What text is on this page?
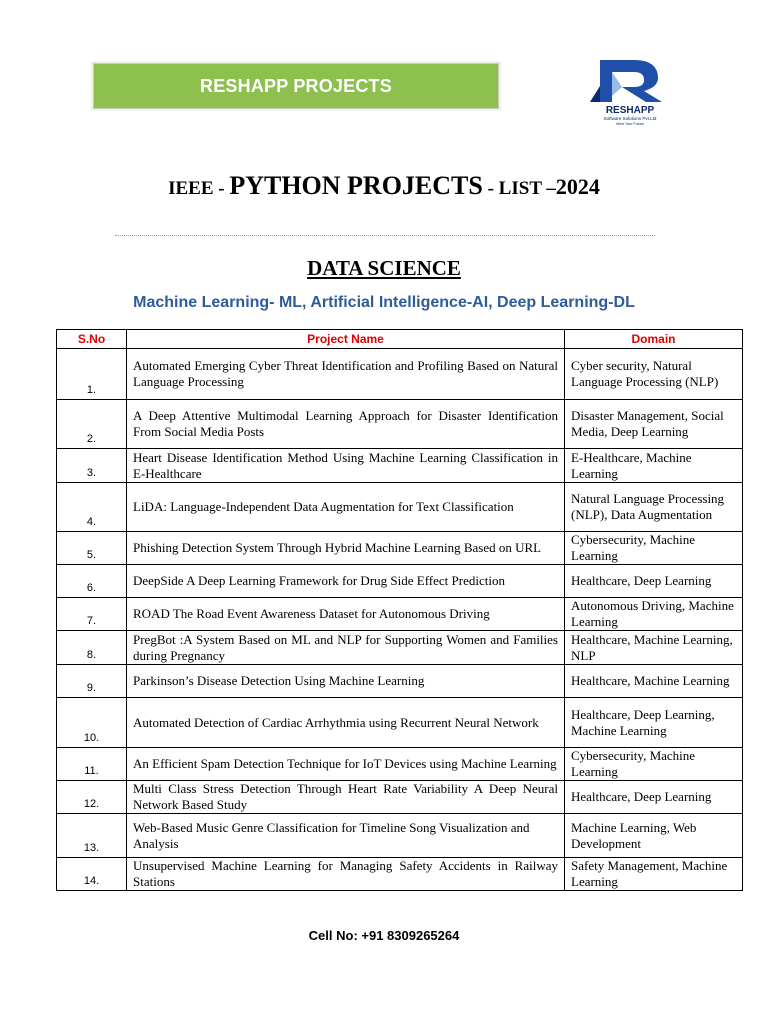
RESHAPP PROJECTS
RESHAPP
Software Solutions Pvt.Ltd
Meet Your Future
IEEE - PYTHON PROJECTS - LIST –2024
DATA SCIENCE
Machine Learning- ML, Artificial Intelligence-AI, Deep Learning-DL
S.No	Project Name	Domain
1.	Automated Emerging Cyber Threat Identification and Profiling Based on Natural Language Processing	Cyber security, Natural Language Processing (NLP)
2.	A Deep Attentive Multimodal Learning Approach for Disaster Identification From Social Media Posts	Disaster Management, Social Media, Deep Learning
3.	Heart Disease Identification Method Using Machine Learning Classification in E-Healthcare	E-Healthcare, Machine Learning
4.	LiDA: Language-Independent Data Augmentation for Text Classification	Natural Language Processing (NLP), Data Augmentation
5.	Phishing Detection System Through Hybrid Machine Learning Based on URL	Cybersecurity, Machine Learning
6.	DeepSide A Deep Learning Framework for Drug Side Effect Prediction	Healthcare, Deep Learning
7.	ROAD The Road Event Awareness Dataset for Autonomous Driving	Autonomous Driving, Machine Learning
8.	PregBot :A System Based on ML and NLP for Supporting Women and Families during Pregnancy	Healthcare, Machine Learning, NLP
9.	Parkinson’s Disease Detection Using Machine Learning	Healthcare, Machine Learning
10.	Automated Detection of Cardiac Arrhythmia using Recurrent Neural Network	Healthcare, Deep Learning, Machine Learning
11.	An Efficient Spam Detection Technique for IoT Devices using Machine Learning	Cybersecurity, Machine Learning
12.	Multi Class Stress Detection Through Heart Rate Variability A Deep Neural Network Based Study	Healthcare, Deep Learning
13.	Web-Based Music Genre Classification for Timeline Song Visualization and Analysis	Machine Learning, Web Development
14.	Unsupervised Machine Learning for Managing Safety Accidents in Railway Stations	Safety Management, Machine Learning
Cell No: +91 8309265264
